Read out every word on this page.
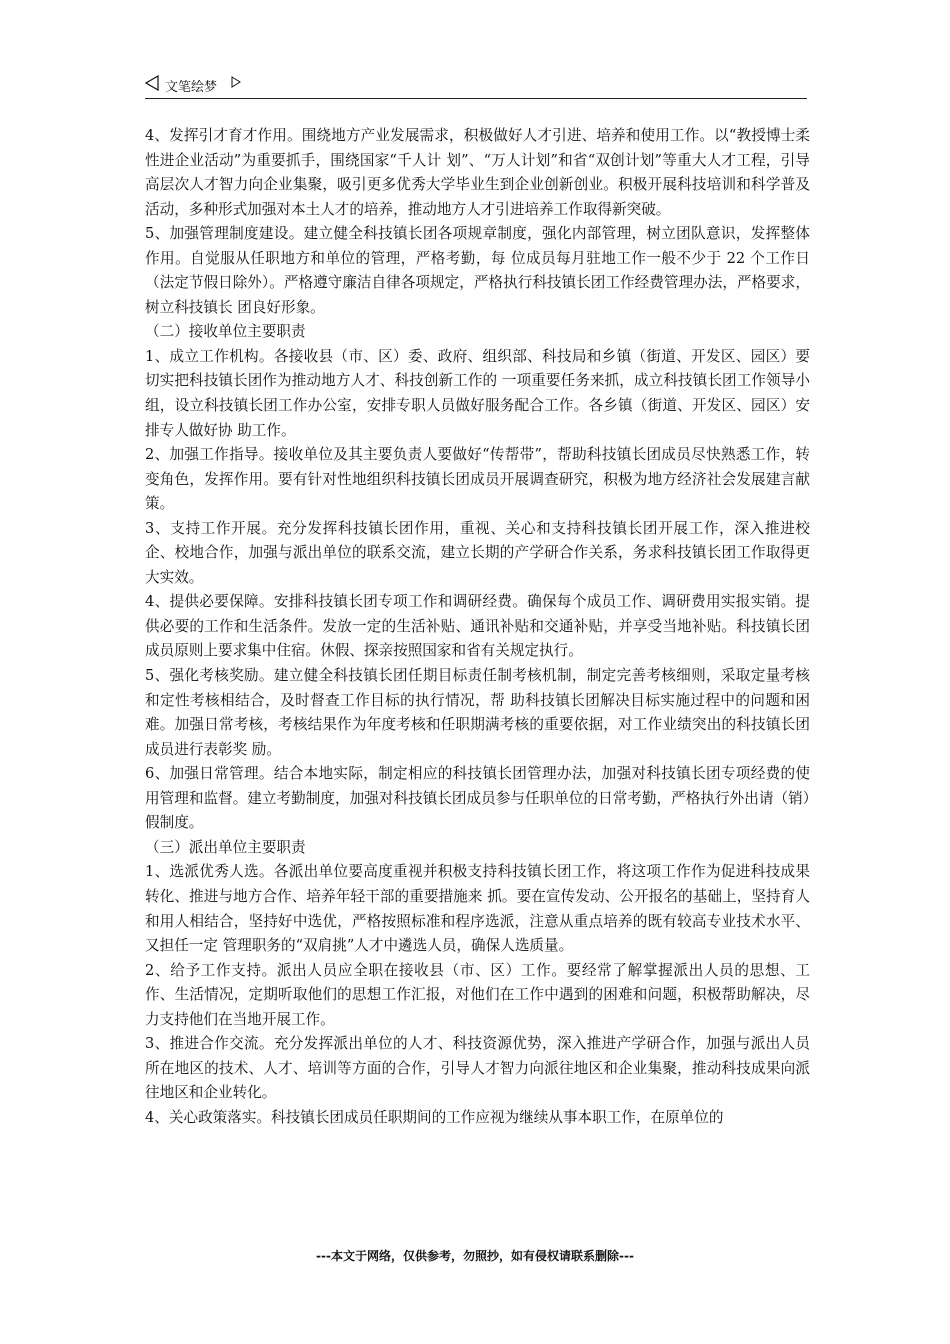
文笔绘梦

4、发挥引才育才作用。围绕地方产业发展需求，积极做好人才引进、培养和使用工作。以“教授博士柔性进企业活动”为重要抓手，围绕国家“千人计 划”、“万人计划”和省“双创计划”等重大人才工程，引导高层次人才智力向企业集聚，吸引更多优秀大学毕业生到企业创新创业。积极开展科技培训和科学普及 活动，多种形式加强对本土人才的培养，推动地方人才引进培养工作取得新突破。

5、加强管理制度建设。建立健全科技镇长团各项规章制度，强化内部管理，树立团队意识，发挥整体作用。自觉服从任职地方和单位的管理，严格考勤，每 位成员每月驻地工作一般不少于 22 个工作日（法定节假日除外）。严格遵守廉洁自律各项规定，严格执行科技镇长团工作经费管理办法，严格要求，树立科技镇长 团良好形象。

（二）接收单位主要职责

1、成立工作机构。各接收县（市、区）委、政府、组织部、科技局和乡镇（街道、开发区、园区）要切实把科技镇长团作为推动地方人才、科技创新工作的 一项重要任务来抓，成立科技镇长团工作领导小组，设立科技镇长团工作办公室，安排专职人员做好服务配合工作。各乡镇（街道、开发区、园区）安排专人做好协 助工作。

2、加强工作指导。接收单位及其主要负责人要做好“传帮带”，帮助科技镇长团成员尽快熟悉工作，转变角色，发挥作用。要有针对性地组织科技镇长团成员开展调查研究，积极为地方经济社会发展建言献策。

3、支持工作开展。充分发挥科技镇长团作用，重视、关心和支持科技镇长团开展工作，深入推进校企、校地合作，加强与派出单位的联系交流，建立长期的产学研合作关系，务求科技镇长团工作取得更大实效。

4、提供必要保障。安排科技镇长团专项工作和调研经费。确保每个成员工作、调研费用实报实销。提供必要的工作和生活条件。发放一定的生活补贴、通讯补贴和交通补贴，并享受当地补贴。科技镇长团成员原则上要求集中住宿。休假、探亲按照国家和省有关规定执行。

5、强化考核奖励。建立健全科技镇长团任期目标责任制考核机制，制定完善考核细则，采取定量考核和定性考核相结合，及时督查工作目标的执行情况，帮 助科技镇长团解决目标实施过程中的问题和困难。加强日常考核，考核结果作为年度考核和任职期满考核的重要依据，对工作业绩突出的科技镇长团成员进行表彰奖 励。

6、加强日常管理。结合本地实际，制定相应的科技镇长团管理办法，加强对科技镇长团专项经费的使用管理和监督。建立考勤制度，加强对科技镇长团成员参与任职单位的日常考勤，严格执行外出请（销）假制度。

（三）派出单位主要职责

1、选派优秀人选。各派出单位要高度重视并积极支持科技镇长团工作，将这项工作作为促进科技成果转化、推进与地方合作、培养年轻干部的重要措施来 抓。要在宣传发动、公开报名的基础上，坚持育人和用人相结合，坚持好中选优，严格按照标准和程序选派，注意从重点培养的既有较高专业技术水平、又担任一定 管理职务的“双肩挑”人才中遴选人员，确保人选质量。

2、给予工作支持。派出人员应全职在接收县（市、区）工作。要经常了解掌握派出人员的思想、工作、生活情况，定期听取他们的思想工作汇报，对他们在工作中遇到的困难和问题，积极帮助解决，尽力支持他们在当地开展工作。

3、推进合作交流。充分发挥派出单位的人才、科技资源优势，深入推进产学研合作，加强与派出人员所在地区的技术、人才、培训等方面的合作，引导人才智力向派往地区和企业集聚，推动科技成果向派往地区和企业转化。

4、关心政策落实。科技镇长团成员任职期间的工作应视为继续从事本职工作，在原单位的

---本文于网络，仅供参考，勿照抄，如有侵权请联系删除---
